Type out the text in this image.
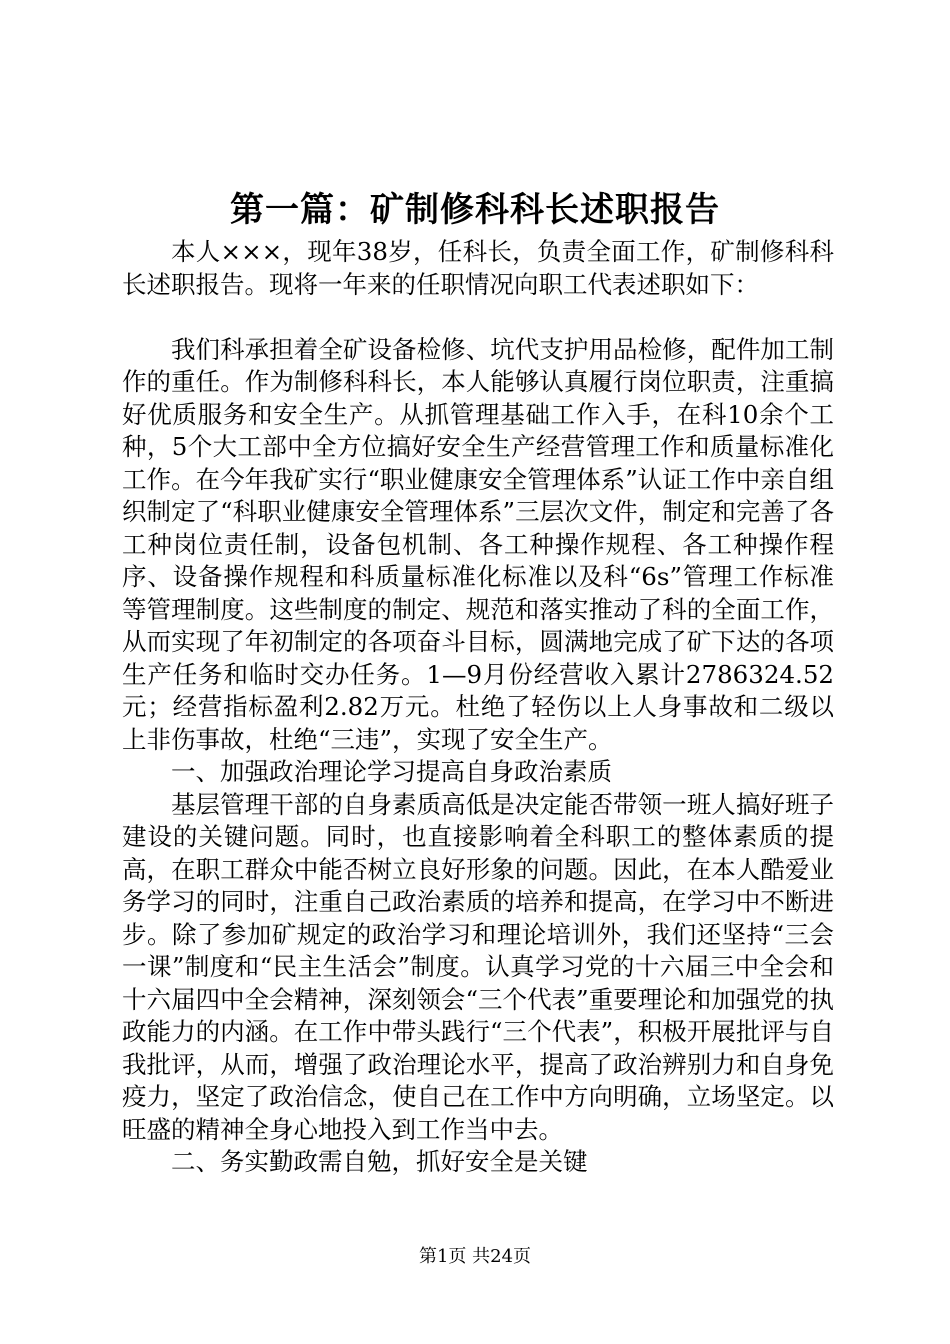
第一篇：矿制修科科长述职报告

本人×××，现年38岁，任科长，负责全面工作，矿制修科科长述职报告。现将一年来的任职情况向职工代表述职如下：

我们科承担着全矿设备检修、坑代支护用品检修，配件加工制作的重任。作为制修科科长，本人能够认真履行岗位职责，注重搞好优质服务和安全生产。从抓管理基础工作入手，在科10余个工种，5个大工部中全方位搞好安全生产经营管理工作和质量标准化工作。在今年我矿实行“职业健康安全管理体系”认证工作中亲自组织制定了“科职业健康安全管理体系”三层次文件，制定和完善了各工种岗位责任制，设备包机制、各工种操作规程、各工种操作程序、设备操作规程和科质量标准化标准以及科“6s”管理工作标准等管理制度。这些制度的制定、规范和落实推动了科的全面工作，从而实现了年初制定的各项奋斗目标，圆满地完成了矿下达的各项生产任务和临时交办任务。1—9月份经营收入累计2786324.52元；经营指标盈利2.82万元。杜绝了轻伤以上人身事故和二级以上非伤事故，杜绝“三违”，实现了安全生产。

一、加强政治理论学习提高自身政治素质

基层管理干部的自身素质高低是决定能否带领一班人搞好班子建设的关键问题。同时，也直接影响着全科职工的整体素质的提高，在职工群众中能否树立良好形象的问题。因此，在本人酷爱业务学习的同时，注重自己政治素质的培养和提高，在学习中不断进步。除了参加矿规定的政治学习和理论培训外，我们还坚持“三会一课”制度和“民主生活会”制度。认真学习党的十六届三中全会和十六届四中全会精神，深刻领会“三个代表”重要理论和加强党的执政能力的内涵。在工作中带头践行“三个代表”，积极开展批评与自我批评，从而，增强了政治理论水平，提高了政治辨别力和自身免疫力，坚定了政治信念，使自己在工作中方向明确，立场坚定。以旺盛的精神全身心地投入到工作当中去。

二、务实勤政需自勉，抓好安全是关键

第1页 共24页
